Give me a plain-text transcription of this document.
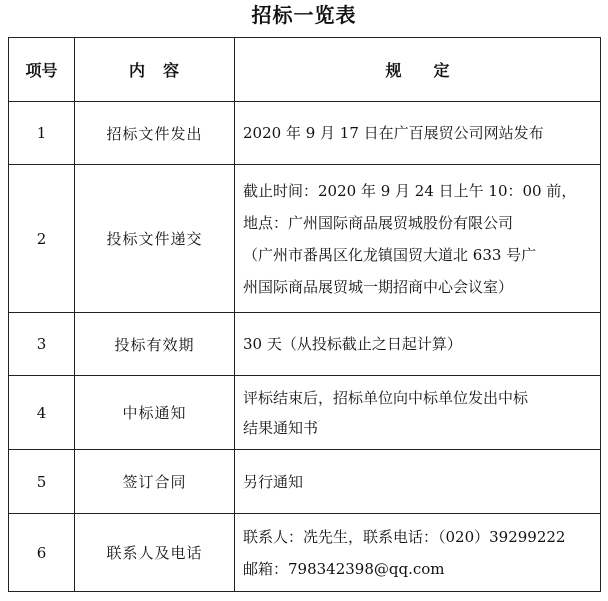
招标一览表
项号	内　容	规　　定
1	招标文件发出	2020 年 9 月 17 日在广百展贸公司网站发布

2	投标文件递交	截止时间：2020 年 9 月 24 日上午 10：00 前，
地点：广州国际商品展贸城股份有限公司
（广州市番禺区化龙镇国贸大道北 633 号广
州国际商品展贸城一期招商中心会议室）

3	投标有效期	30 天（从投标截止之日起计算）

4	中标通知	评标结束后，招标单位向中标单位发出中标
结果通知书

5	签订合同	另行通知

6	联系人及电话	联系人：冼先生，联系电话：（020）39299222
邮箱：798342398@qq.com
